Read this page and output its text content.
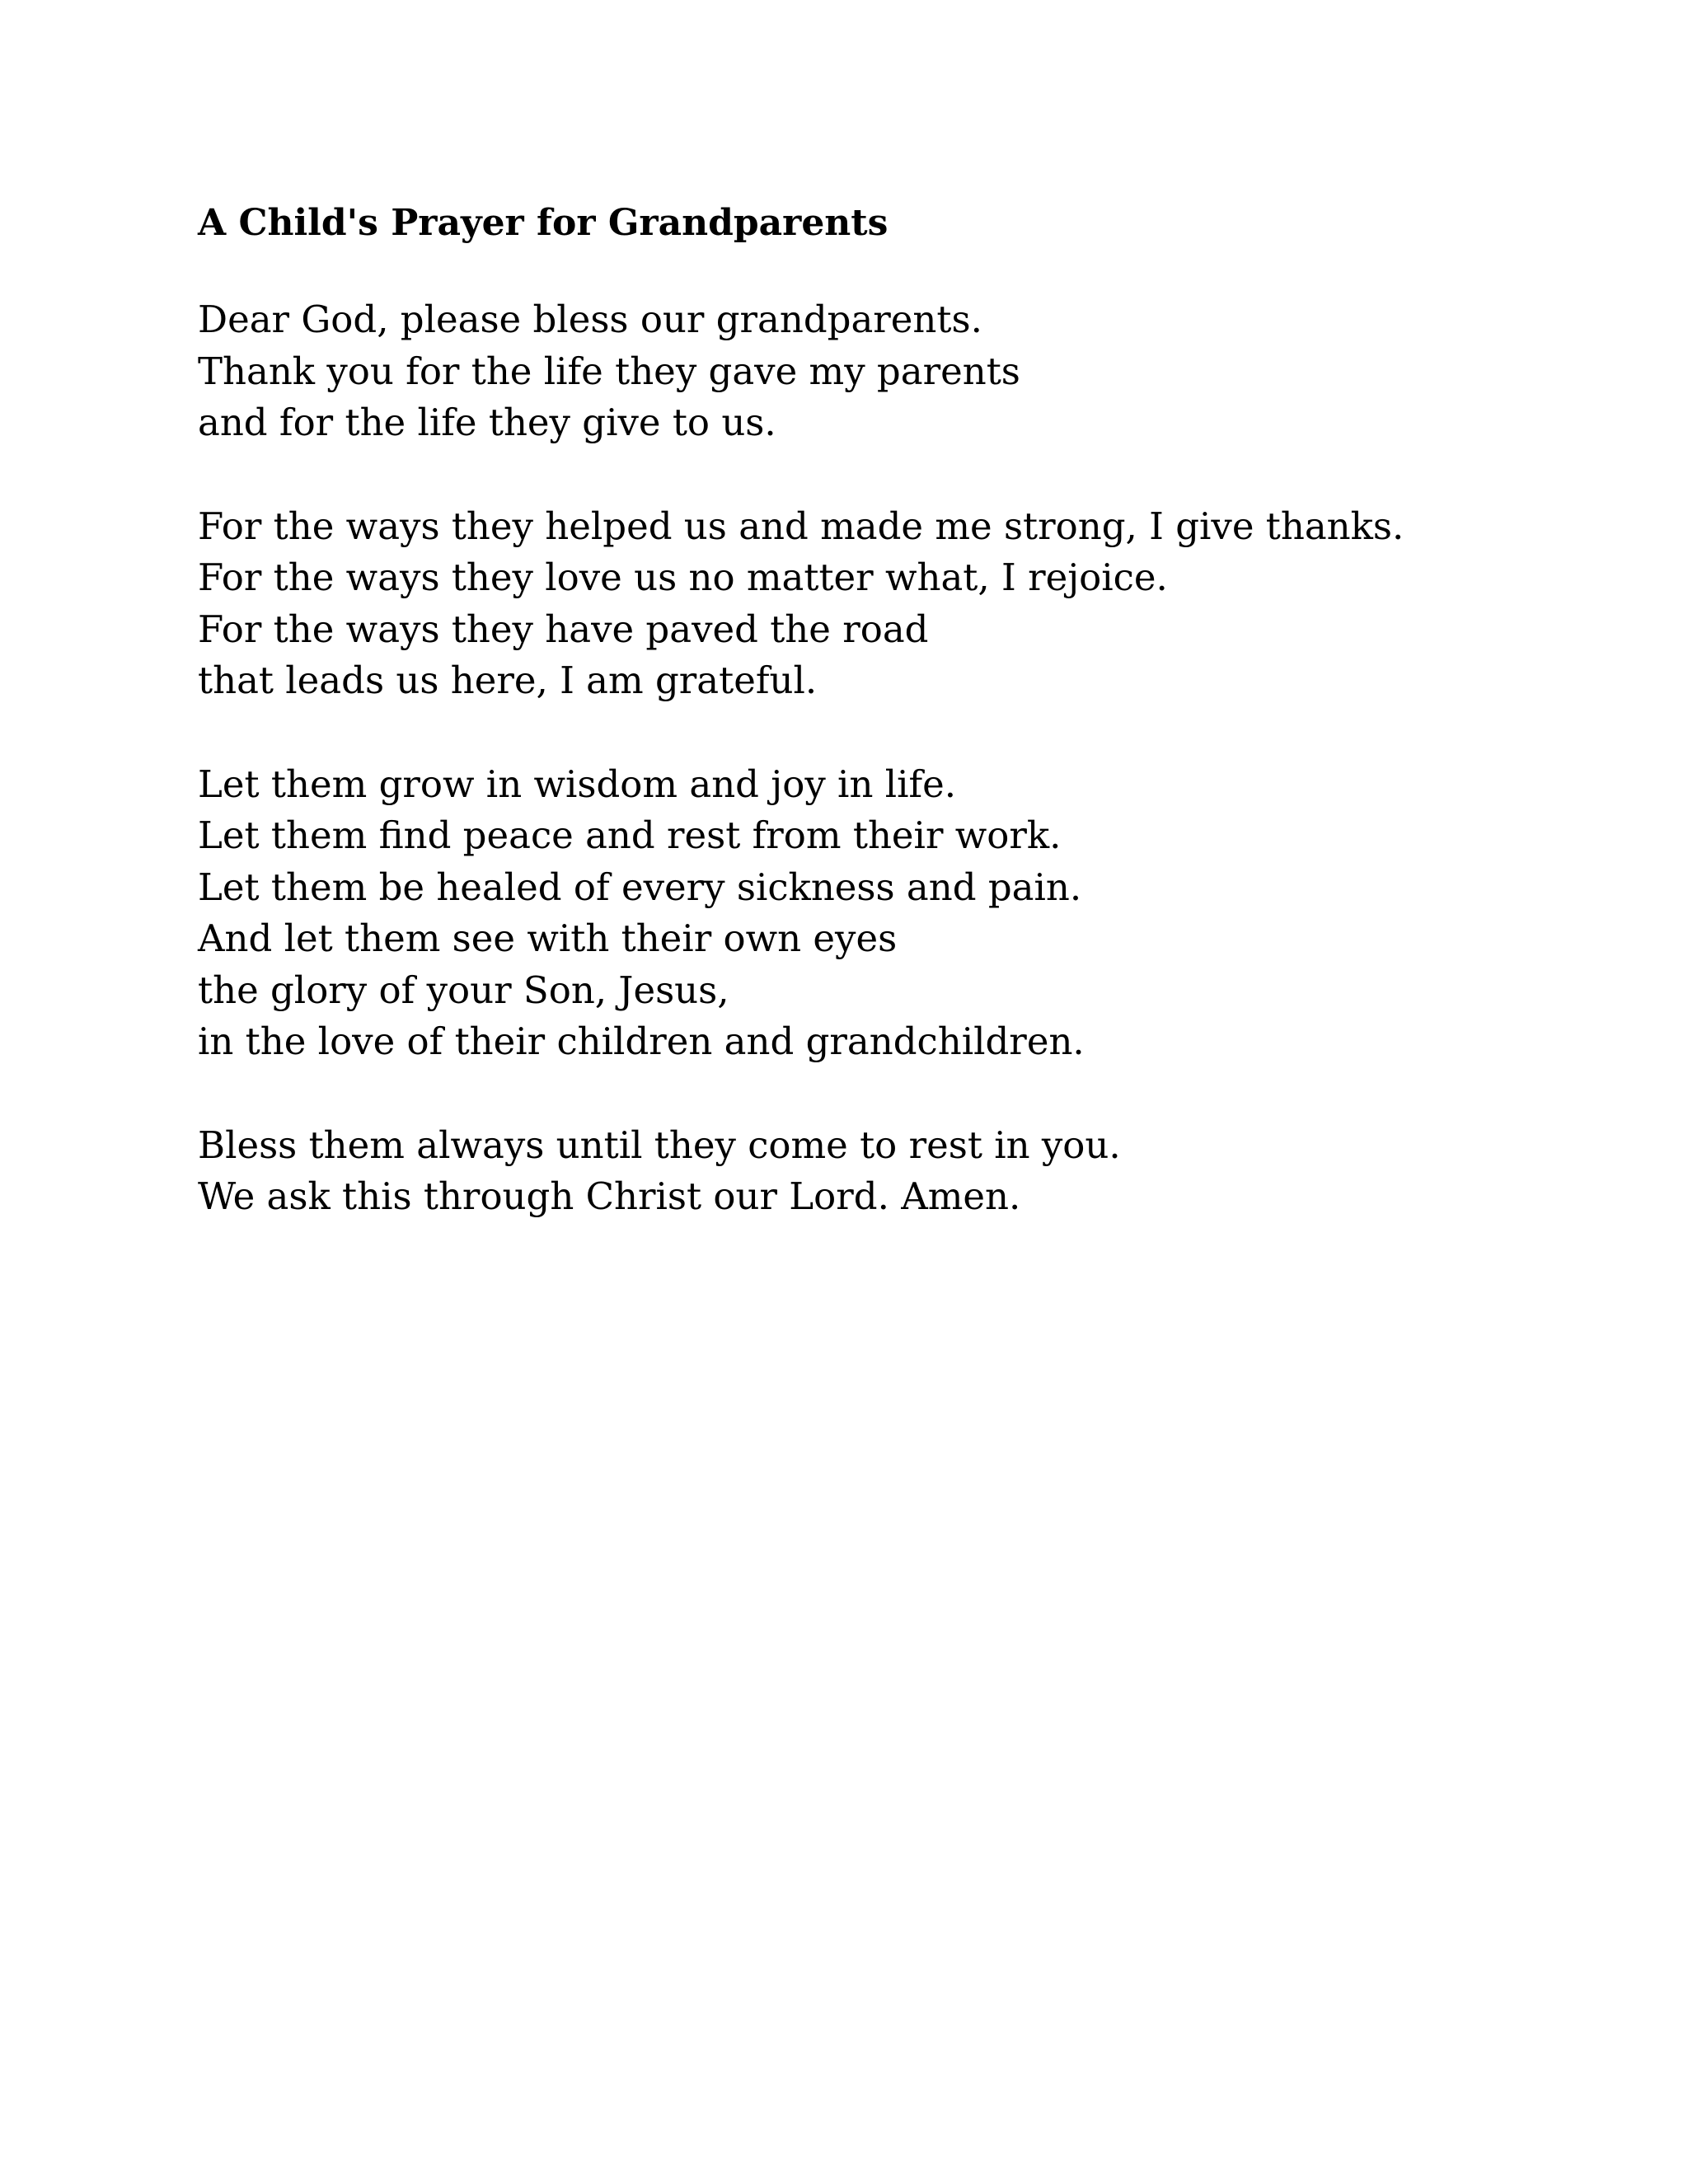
A Child's Prayer for Grandparents

Dear God, please bless our grandparents.
Thank you for the life they gave my parents
and for the life they give to us.

For the ways they helped us and made me strong, I give thanks.
For the ways they love us no matter what, I rejoice.
For the ways they have paved the road
that leads us here, I am grateful.

Let them grow in wisdom and joy in life.
Let them find peace and rest from their work.
Let them be healed of every sickness and pain.
And let them see with their own eyes
the glory of your Son, Jesus,
in the love of their children and grandchildren.

Bless them always until they come to rest in you.
We ask this through Christ our Lord. Amen.
